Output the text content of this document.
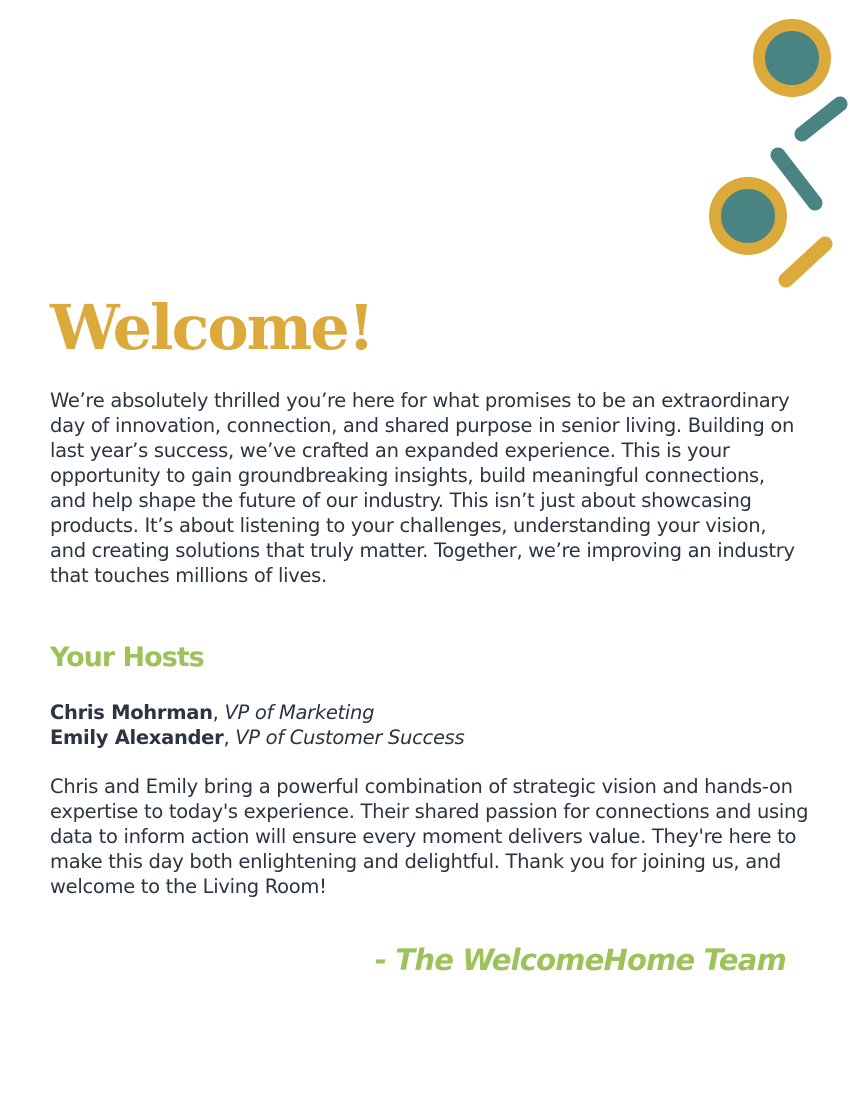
Welcome!

We’re absolutely thrilled you’re here for what promises to be an extraordinary day of innovation, connection, and shared purpose in senior living. Building on last year’s success, we’ve crafted an expanded experience. This is your opportunity to gain groundbreaking insights, build meaningful connections, and help shape the future of our industry. This isn’t just about showcasing products. It’s about listening to your challenges, understanding your vision, and creating solutions that truly matter. Together, we’re improving an industry that touches millions of lives.

Your Hosts

Chris Mohrman, VP of Marketing

Emily Alexander, VP of Customer Success

Chris and Emily bring a powerful combination of strategic vision and hands-on expertise to today's experience. Their shared passion for connections and using data to inform action will ensure every moment delivers value. They're here to make this day both enlightening and delightful. Thank you for joining us, and welcome to the Living Room!

- The WelcomeHome Team
